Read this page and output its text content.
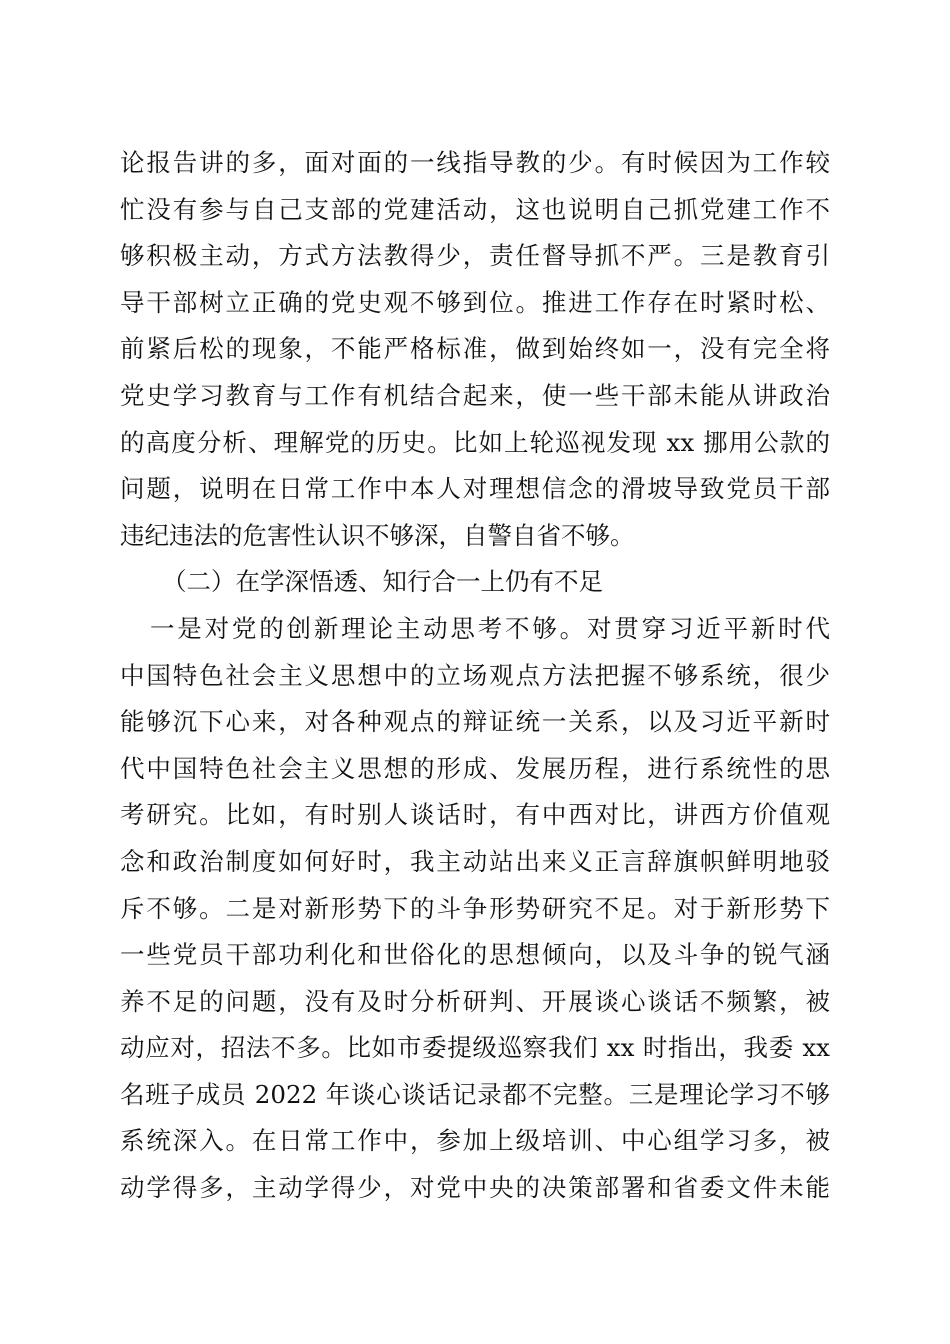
论报告讲的多，面对面的一线指导教的少。有时候因为工作较
忙没有参与自己支部的党建活动，这也说明自己抓党建工作不
够积极主动，方式方法教得少，责任督导抓不严。三是教育引
导干部树立正确的党史观不够到位。推进工作存在时紧时松、
前紧后松的现象，不能严格标准，做到始终如一，没有完全将
党史学习教育与工作有机结合起来，使一些干部未能从讲政治
的高度分析、理解党的历史。比如上轮巡视发现 xx 挪用公款的
问题，说明在日常工作中本人对理想信念的滑坡导致党员干部
违纪违法的危害性认识不够深，自警自省不够。
（二）在学深悟透、知行合一上仍有不足
一是对党的创新理论主动思考不够。对贯穿习近平新时代
中国特色社会主义思想中的立场观点方法把握不够系统，很少
能够沉下心来，对各种观点的辩证统一关系，以及习近平新时
代中国特色社会主义思想的形成、发展历程，进行系统性的思
考研究。比如，有时别人谈话时，有中西对比，讲西方价值观
念和政治制度如何好时，我主动站出来义正言辞旗帜鲜明地驳
斥不够。二是对新形势下的斗争形势研究不足。对于新形势下
一些党员干部功利化和世俗化的思想倾向，以及斗争的锐气涵
养不足的问题，没有及时分析研判、开展谈心谈话不频繁，被
动应对，招法不多。比如市委提级巡察我们 xx 时指出，我委 xx
名班子成员 2022 年谈心谈话记录都不完整。三是理论学习不够
系统深入。在日常工作中，参加上级培训、中心组学习多，被
动学得多，主动学得少，对党中央的决策部署和省委文件未能
